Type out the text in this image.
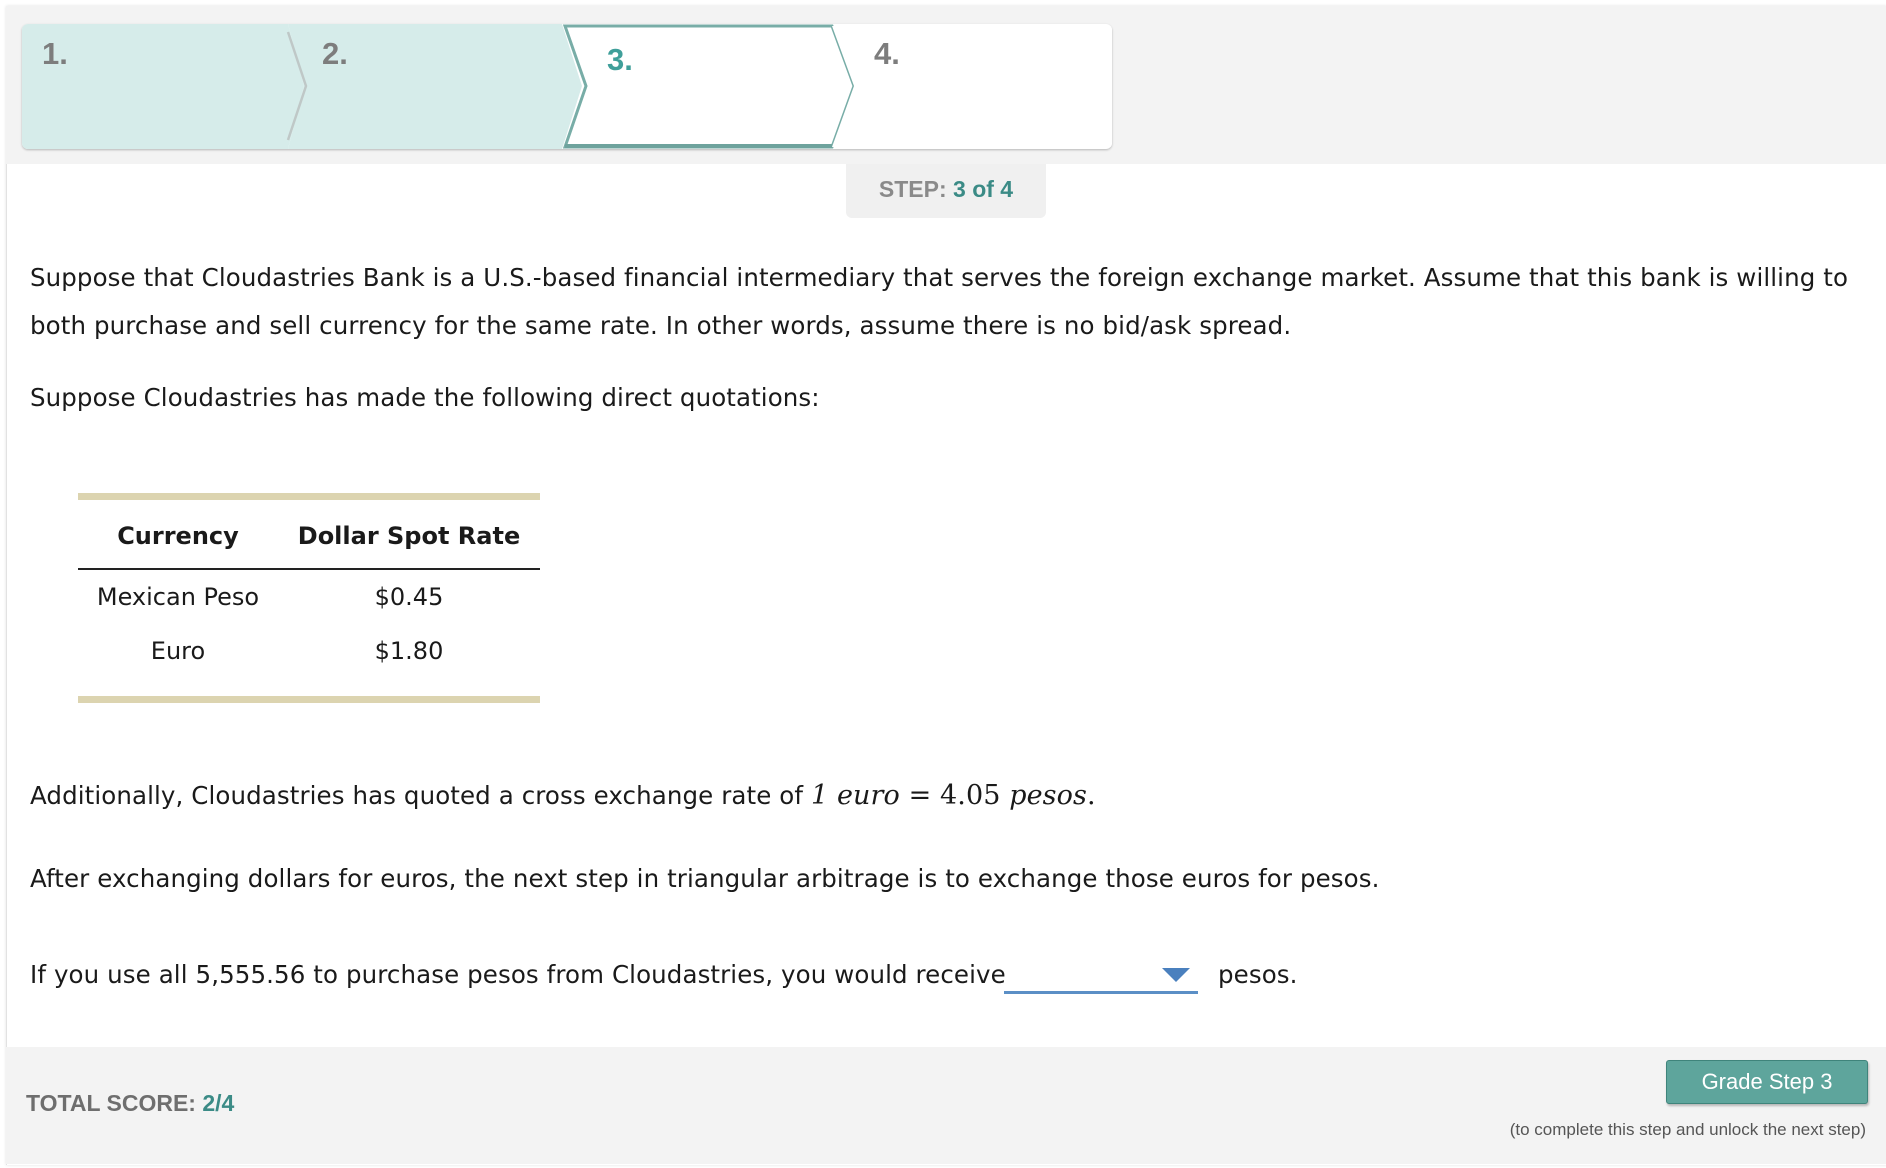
1.	2.	3.	4.
STEP: 3 of 4

Suppose that Cloudastries Bank is a U.S.-based financial intermediary that serves the foreign exchange market. Assume that this bank is willing to

both purchase and sell currency for the same rate. In other words, assume there is no bid/ask spread.

Suppose Cloudastries has made the following direct quotations:

Currency	Dollar Spot Rate
Mexican Peso	$0.45
Euro	$1.80

Additionally, Cloudastries has quoted a cross exchange rate of 1 euro = 4.05 pesos.

After exchanging dollars for euros, the next step in triangular arbitrage is to exchange those euros for pesos.

If you use all 5,555.56 to purchase pesos from Cloudastries, you would receive	pesos.

TOTAL SCORE: 2/4
Grade Step 3
(to complete this step and unlock the next step)
